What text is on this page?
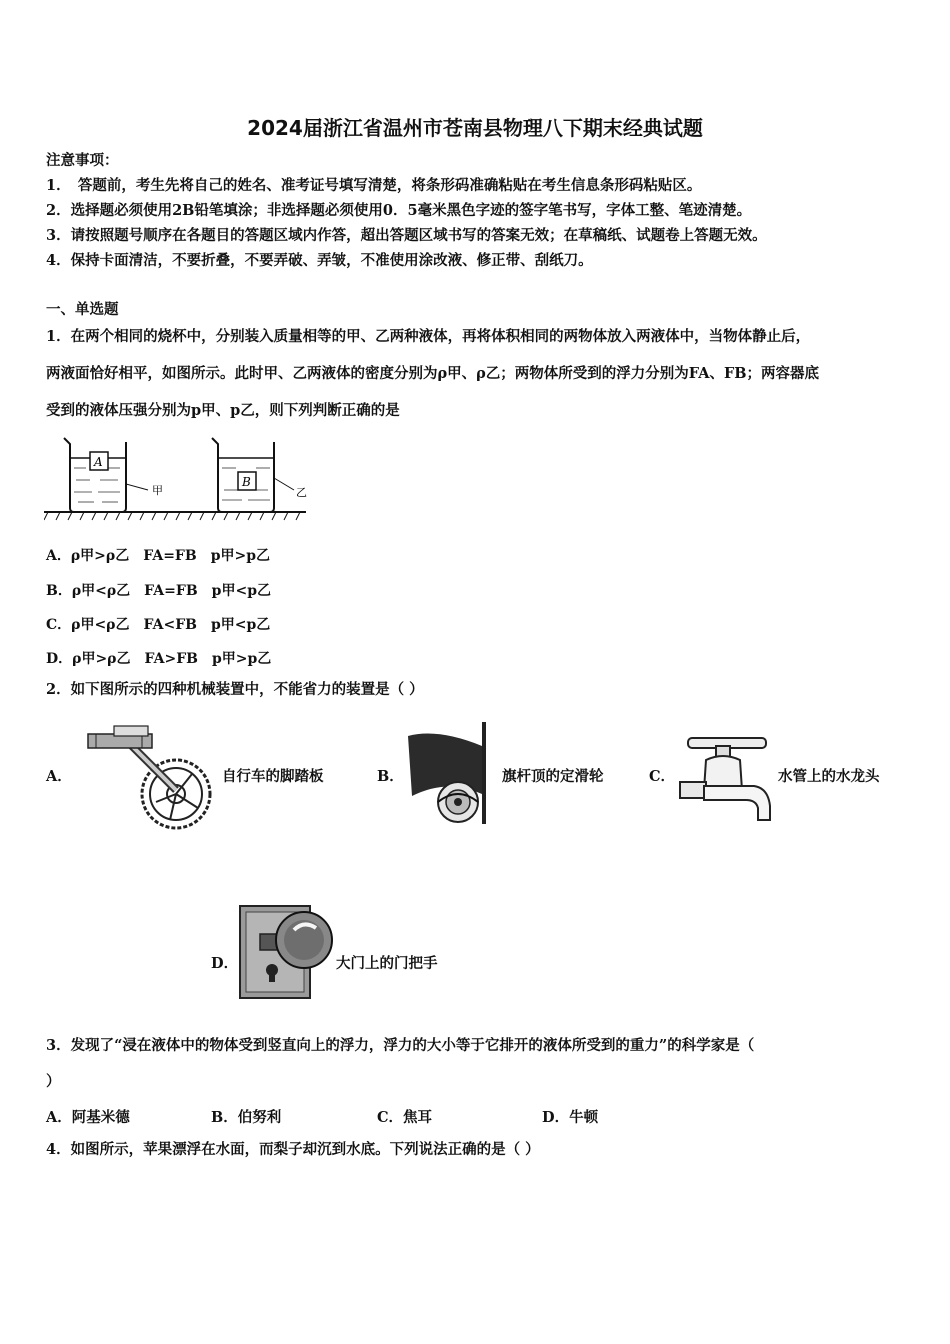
2024届浙江省温州市苍南县物理八下期末经典试题
注意事项：
1．　答题前，考生先将自己的姓名、准考证号填写清楚，将条形码准确粘贴在考生信息条形码粘贴区。
2．选择题必须使用2B铅笔填涂；非选择题必须使用0．5毫米黑色字迹的签字笔书写，字体工整、笔迹清楚。
3．请按照题号顺序在各题目的答题区域内作答，超出答题区域书写的答案无效；在草稿纸、试题卷上答题无效。
4．保持卡面清洁，不要折叠，不要弄破、弄皱，不准使用涂改液、修正带、刮纸刀。
一、单选题
1．在两个相同的烧杯中，分别装入质量相等的甲、乙两种液体，再将体积相同的两物体放入两液体中，当物体静止后，
两液面恰好相平，如图所示。此时甲、乙两液体的密度分别为ρ甲、ρ乙；两物体所受到的浮力分别为FA、FB；两容器底
受到的液体压强分别为p甲、p乙，则下列判断正确的是
A
甲
B
乙
A．ρ甲>ρ乙　FA=FB　p甲>p乙
B．ρ甲<ρ乙　FA=FB　p甲<p乙
C．ρ甲<ρ乙　FA<FB　p甲<p乙
D．ρ甲>ρ乙　FA>FB　p甲>p乙
2．如下图所示的四种机械装置中，不能省力的装置是（ ）
A．	自行车的脚踏板	B．	旗杆顶的定滑轮	C．	水管上的水龙头
D．	大门上的门把手
3．发现了“浸在液体中的物体受到竖直向上的浮力，浮力的大小等于它排开的液体所受到的重力”的科学家是（
）
A．阿基米德	B．伯努利	C．焦耳	D．牛顿
4．如图所示，苹果漂浮在水面，而梨子却沉到水底。下列说法正确的是（ ）
